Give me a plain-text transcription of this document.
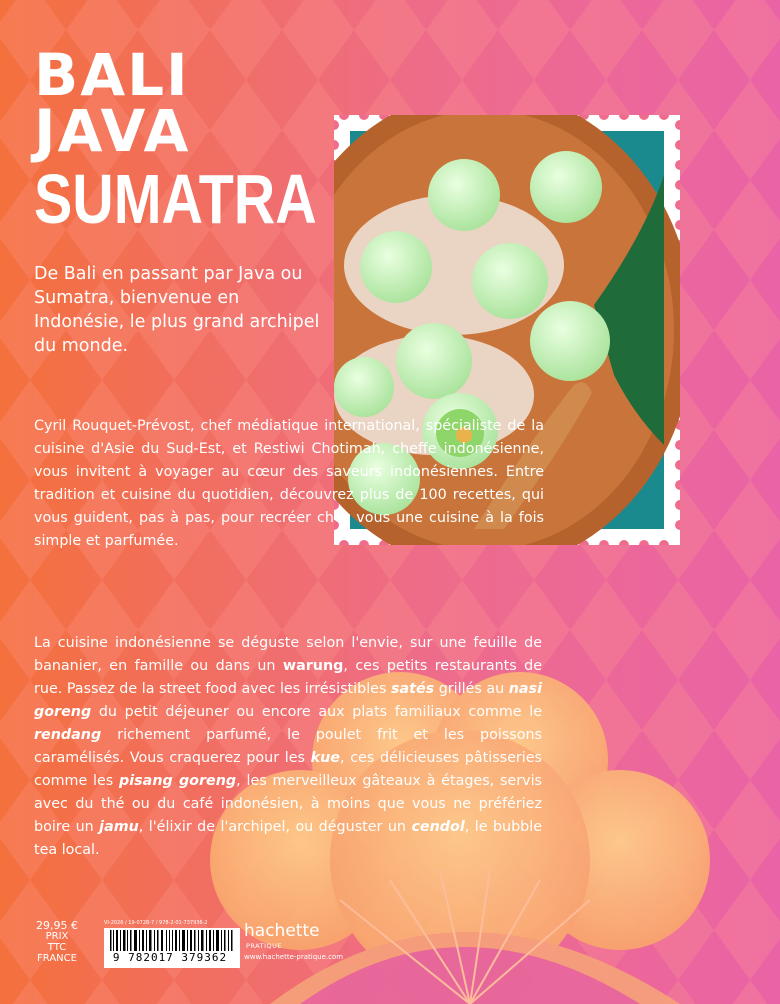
BALI
JAVA
SUMATRA

De Bali en passant par Java ou Sumatra, bienvenue en Indonésie, le plus grand archipel du monde.

Cyril Rouquet-Prévost, chef médiatique international, spécialiste de la cuisine d'Asie du Sud-Est, et Restiwi Chotimah, cheffe indonésienne, vous invitent à voyager au cœur des saveurs indonésiennes. Entre tradition et cuisine du quotidien, découvrez plus de 100 recettes, qui vous guident, pas à pas, pour recréer chez vous une cuisine à la fois simple et parfumée.

La cuisine indonésienne se déguste selon l'envie, sur une feuille de bananier, en famille ou dans un warung, ces petits restaurants de rue. Passez de la street food avec les irrésistibles satés grillés au nasi goreng du petit déjeuner ou encore aux plats familiaux comme le rendang richement parfumé, le poulet frit et les poissons caramélisés. Vous craquerez pour les kue, ces délicieuses pâtisseries comme les pisang goreng, les merveilleux gâteaux à étages, servis avec du thé ou du café indonésien, à moins que vous ne préfériez boire un jamu, l'élixir de l'archipel, ou déguster un cendol, le bubble tea local.

29,95 €
PRIX
TTC
FRANCE
VI-2026 / 19-0728-7 / 978-2-01-737936-2
9 782017 379362
hachette
PRATIQUE
www.hachette-pratique.com
